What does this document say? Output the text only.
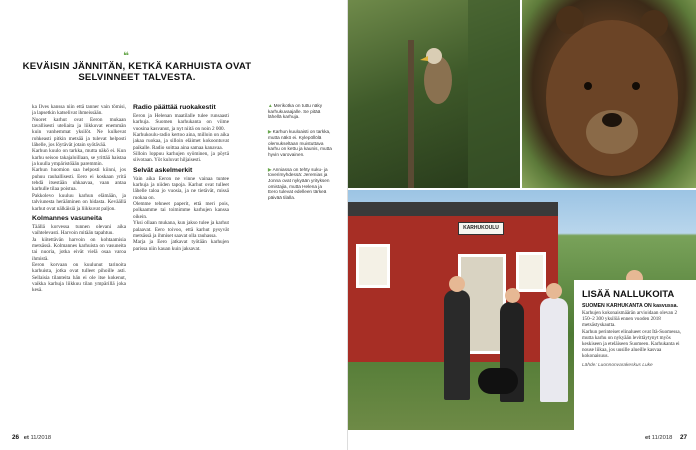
❝
KEVÄISIN JÄNNITÄN, KETKÄ KARHUISTA OVAT SELVINNEET TALVESTA.

ka Ilves kanssa niin että tanner vain tömisi, ja lapsetkin katselivat ihmeissään.

Nuoret karhut ovat Eeron mukaan tavallisesti uteliaita ja liikkuvat enemmän kuin vanhemmat yksilöt. Ne kulkevat rohkeasti pitkin metsää ja tulevat helposti lähelle, jos löytävät jotain syötävää.

Karhun kuulo on tarkka, mutta näkö ei. Kun karhu seisoo takajaloillaan, se yrittää haistaa ja kuulla ympäristöään paremmin.

Karhun huomion saa helposti kiinni, jos puhuu rauhallisesti. Eero ei koskaan yritä tehdä itsestään uhkaavaa, vaan antaa karhulle tilaa poistua.

Pakkolevo kuuluu karhun elämään, ja talviunesta herääminen on hidasta. Keväällä karhut ovat nälkäisiä ja liikkuvat paljon.

Kolmannes vasuneita

Täällä korvessa tunnen olevani aika vaihtelevasti. Harvoin mitään tapahtuu.

Ja kiitettävän harvoin on kohtaamisia metsässä. Kolmannes karhuista on vasuneita tai nuoria, jotka eivät vielä osaa varoa ihmistä.

Eeron korvaan on kuulunut tarinoita karhuista, jotka ovat tulleet pihoille asti. Sellaisia tilanteita hän ei ole itse kokenut, vaikka karhuja liikkuu tilan ympärillä joka kesä.

Radio päättää ruokakestit

Eeron ja Helenan maatilalle tulee runsaasti karhuja. Suomen karhukanta on viime vuosina kasvanut, ja nyt niitä on noin 2 000.

Karhukoulu-radio kertoo aina, milloin on aika jakaa ruokaa, ja silloin eläimet kokoontuvat paikalle. Radio soittaa aina samaa kanavaa.

Silloin loppuu karhujen syöminen, ja pöytä siivotaan. Yöt kuluvat hiljaisesti.

Selvät askelmerkit

Vain aika Eeron ne vinne vainaa tuntee karhuja ja niiden tapoja. Karhut ovat tulleet lähelle taloa jo vuosia, ja ne tietävät, missä ruokaa on.

Olemme tehneet paperit, että meri pois, polkaamme tai toimimme karhujen kanssa oikein.

Yksi ollaan mukana, kun jakso tulee ja karhut palaavat. Eero toivoo, että karhut pysyvät metsässä ja ihmiset saavat olla rauhassa.

Marja ja Eero jatkavat työtään karhujen parissa niin kauan kuin jaksavat.

▲Merikotka on tuttu näky karhukuvaajalle. Se pitää lähellä karhuja.
▶Karhun kuuloaisti on tarkka, mutta näkö ei. Kylepöllölä olemukseltaan muistuttava karhu on kettu ja kaunis, mutta hyvin varovainen.
▶Anniassa on tehty suku- ja toverimyhdessä: Jeremias ja Jonna ovat nykyään yrityksen omistajia, mutta Helena ja Eero tulevat edelleen tärkeä päivää tilalla.
26 et 11/2018
KARHUKOULU
LISÄÄ NALLUKOITA
SUOMEN KARHUKANTA ON kasvussa.

Karhujen kokonaismäärän arvioidaan olevan 2 150–2 300 yksilöä ennen vuoden 2018 metsästyskautta.

Karhun perinteiset elinalueet ovat Itä-Suomessa, mutta karhu on nykyään levittäytynyt myös keskiseen ja eteläiseen Suomeen. Karhukanta ei nouse liikaa, jos uusille alueille kasvaa kokonaisuus.

Lähde: Luonnonvarakeskus Luke

et 11/2018 27
